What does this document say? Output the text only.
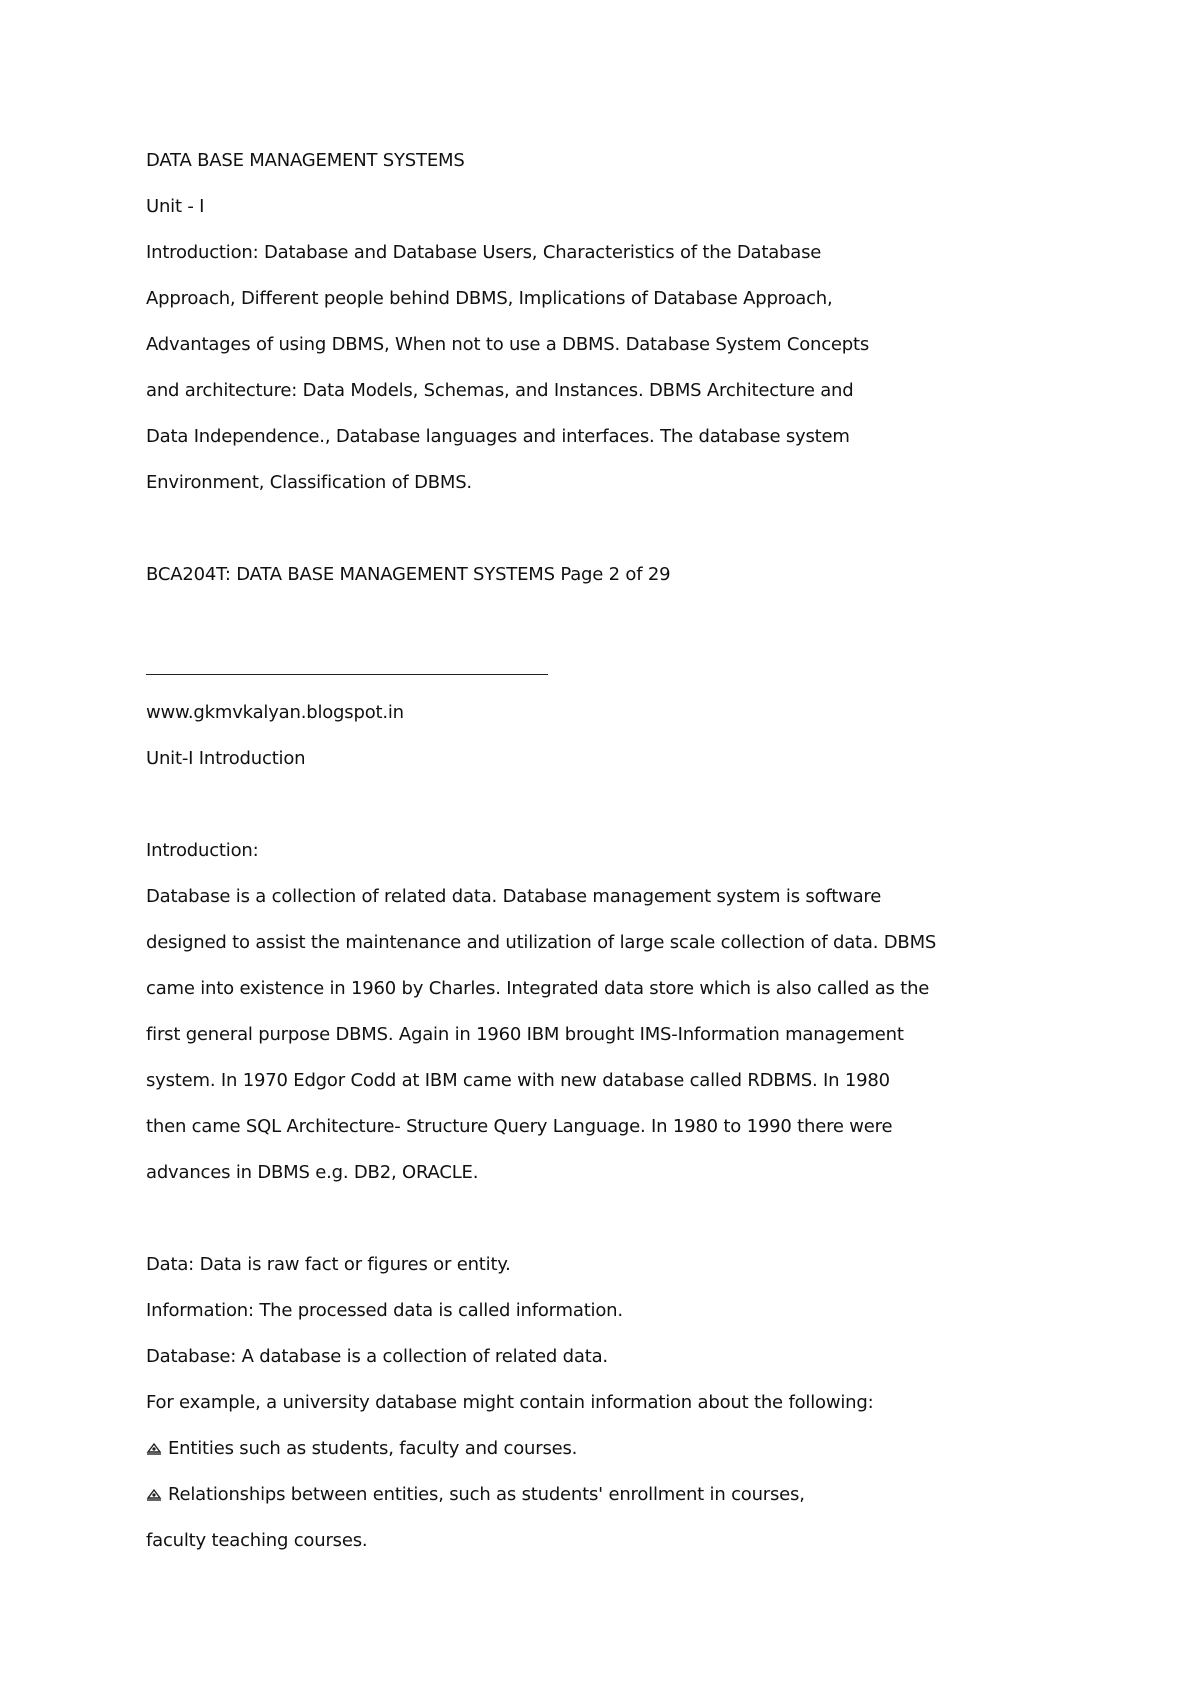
DATA BASE MANAGEMENT SYSTEMS
Unit - I
Introduction: Database and Database Users, Characteristics of the Database
Approach, Different people behind DBMS, Implications of Database Approach,
Advantages of using DBMS, When not to use a DBMS. Database System Concepts
and architecture: Data Models, Schemas, and Instances. DBMS Architecture and
Data Independence., Database languages and interfaces. The database system
Environment, Classification of DBMS.
BCA204T: DATA BASE MANAGEMENT SYSTEMS Page 2 of 29
www.gkmvkalyan.blogspot.in
Unit-I Introduction
Introduction:
Database is a collection of related data. Database management system is software
designed to assist the maintenance and utilization of large scale collection of data. DBMS
came into existence in 1960 by Charles. Integrated data store which is also called as the
first general purpose DBMS. Again in 1960 IBM brought IMS-Information management
system. In 1970 Edgor Codd at IBM came with new database called RDBMS. In 1980
then came SQL Architecture- Structure Query Language. In 1980 to 1990 there were
advances in DBMS e.g. DB2, ORACLE.
Data: Data is raw fact or figures or entity.
Information: The processed data is called information.
Database: A database is a collection of related data.
For example, a university database might contain information about the following:
Entities such as students, faculty and courses.
Relationships between entities, such as students' enrollment in courses,
faculty teaching courses.
